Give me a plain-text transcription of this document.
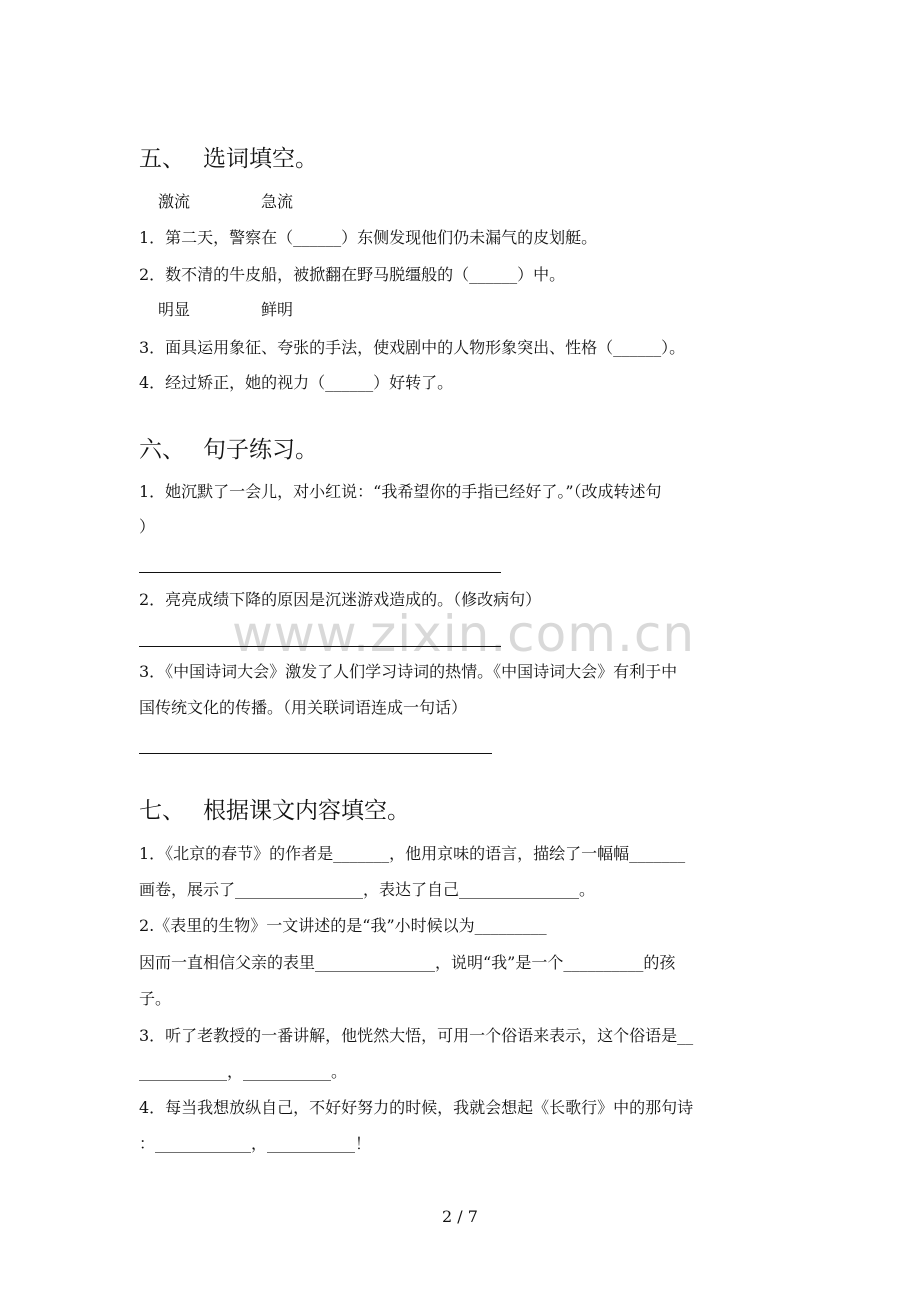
www.zixin.com.cn
五、 选词填空。
激流	急流
1．第二天，警察在（______）东侧发现他们仍未漏气的皮划艇。
2．数不清的牛皮船，被掀翻在野马脱缰般的（______）中。
明显	鲜明
3．面具运用象征、夸张的手法，使戏剧中的人物形象突出、性格（______）。
4．经过矫正，她的视力（______）好转了。
六、 句子练习。
1．她沉默了一会儿，对小红说：“我希望你的手指已经好了。”（改成转述句
）
2．亮亮成绩下降的原因是沉迷游戏造成的。（修改病句）
3．《中国诗词大会》激发了人们学习诗词的热情。《中国诗词大会》有利于中
国传统文化的传播。（用关联词语连成一句话）
七、 根据课文内容填空。
1．《北京的春节》的作者是_______，他用京味的语言，描绘了一幅幅_______
画卷，展示了________________，表达了自己_______________。
2.《表里的生物》一文讲述的是“我”小时候以为_________
因而一直相信父亲的表里_______________，说明“我”是一个__________的孩
子。
3．听了老教授的一番讲解，他恍然大悟，可用一个俗语来表示，这个俗语是__
___________，___________。
4．每当我想放纵自己，不好好努力的时候，我就会想起《长歌行》中的那句诗
：____________，___________！
2 / 7
